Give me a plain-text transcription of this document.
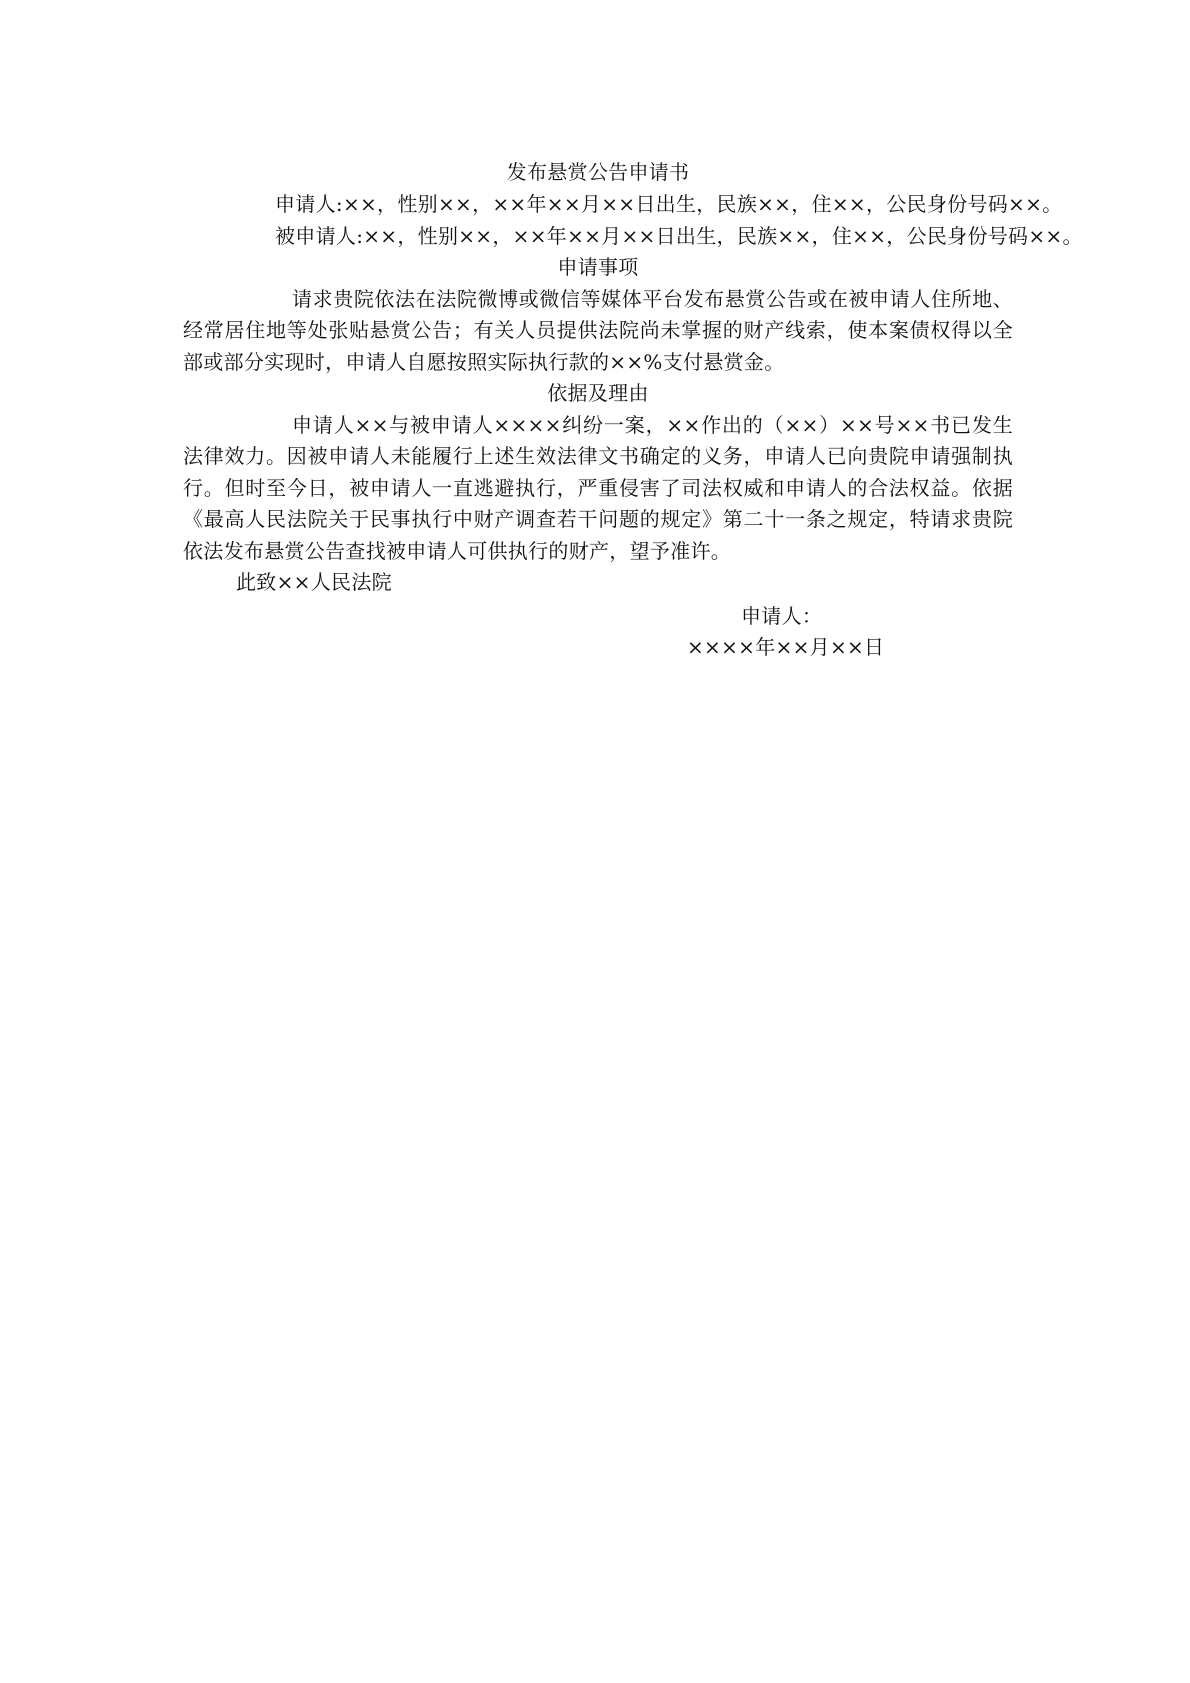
发布悬赏公告申请书
申请人:××，性别××，××年××月××日出生，民族××，住××，公民身份号码××。
被申请人:××，性别××，××年××月××日出生，民族××，住××，公民身份号码××。
申请事项
请求贵院依法在法院微博或微信等媒体平台发布悬赏公告或在被申请人住所地、经常居住地等处张贴悬赏公告；有关人员提供法院尚未掌握的财产线索，使本案债权得以全部或部分实现时，申请人自愿按照实际执行款的××%支付悬赏金。
依据及理由
申请人××与被申请人××××纠纷一案，××作出的（××）××号××书已发生法律效力。因被申请人未能履行上述生效法律文书确定的义务，申请人已向贵院申请强制执行。但时至今日，被申请人一直逃避执行，严重侵害了司法权威和申请人的合法权益。依据《最高人民法院关于民事执行中财产调查若干问题的规定》第二十一条之规定，特请求贵院依法发布悬赏公告查找被申请人可供执行的财产，望予准许。
此致××人民法院
申请人：
××××年××月××日
